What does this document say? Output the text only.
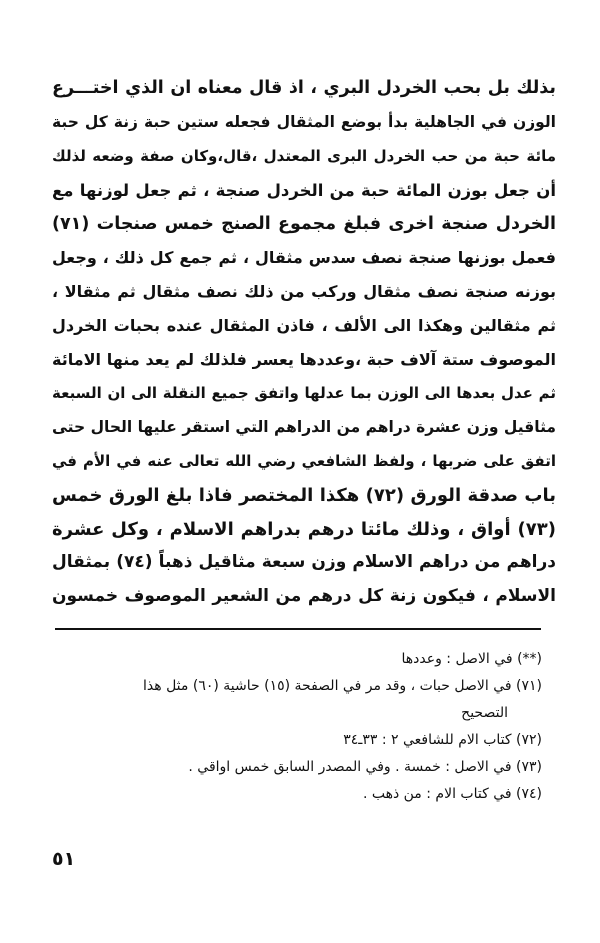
بذلك بل بحب الخردل البري ، اذ قال معناه ان الذي اختـــرع
الوزن في الجاهلية بدأ بوضع المثقال فجعله ستين حبة زنة كل حبة
مائة حبة من حب الخردل البرى المعتدل ،قال،وكان صفة وضعه لذلك
أن جعل بوزن المائة حبة من الخردل صنجة ، ثم جعل لوزنها مع
الخردل صنجة اخرى فبلغ مجموع الصنج خمس صنجات (٧١)
فعمل بوزنها صنجة نصف سدس مثقال ، ثم جمع كل ذلك ، وجعل
بوزنه صنجة نصف مثقال وركب من ذلك نصف مثقال ثم مثقالا ،
ثم مثقالين وهكذا الى الألف ، فاذن المثقال عنده بحبات الخردل
الموصوف ستة آلاف حبة ،وعددها يعسر فلذلك لم يعد منها الامائة
ثم عدل بعدها الى الوزن بما عدلها واتفق جميع النقلة الى ان السبعة
مثاقيل وزن عشرة دراهم من الدراهم التي استقر عليها الحال حتى
اتفق على ضربها ، ولفظ الشافعي رضي الله تعالى عنه في الأم في
باب صدقة الورق (٧٢) هكذا المختصر فاذا بلغ الورق خمس
(٧٣) أواق ، وذلك مائتا درهم بدراهم الاسلام ، وكل عشرة
دراهم من دراهم الاسلام وزن سبعة مثاقيل ذهباً (٧٤) بمثقال
الاسلام ، فيكون زنة كل درهم من الشعير الموصوف خمسون
(**) في الاصل : وعددها
(٧١) في الاصل حبات ، وقد مر في الصفحة (١٥) حاشية (٦٠) مثل هذا
التصحيح
(٧٢) كتاب الام للشافعي ٢ : ٣٣ـ٣٤
(٧٣) في الاصل : خمسة . وفي المصدر السابق خمس اواقي .
(٧٤) في كتاب الام : من ذهب .
٥١
